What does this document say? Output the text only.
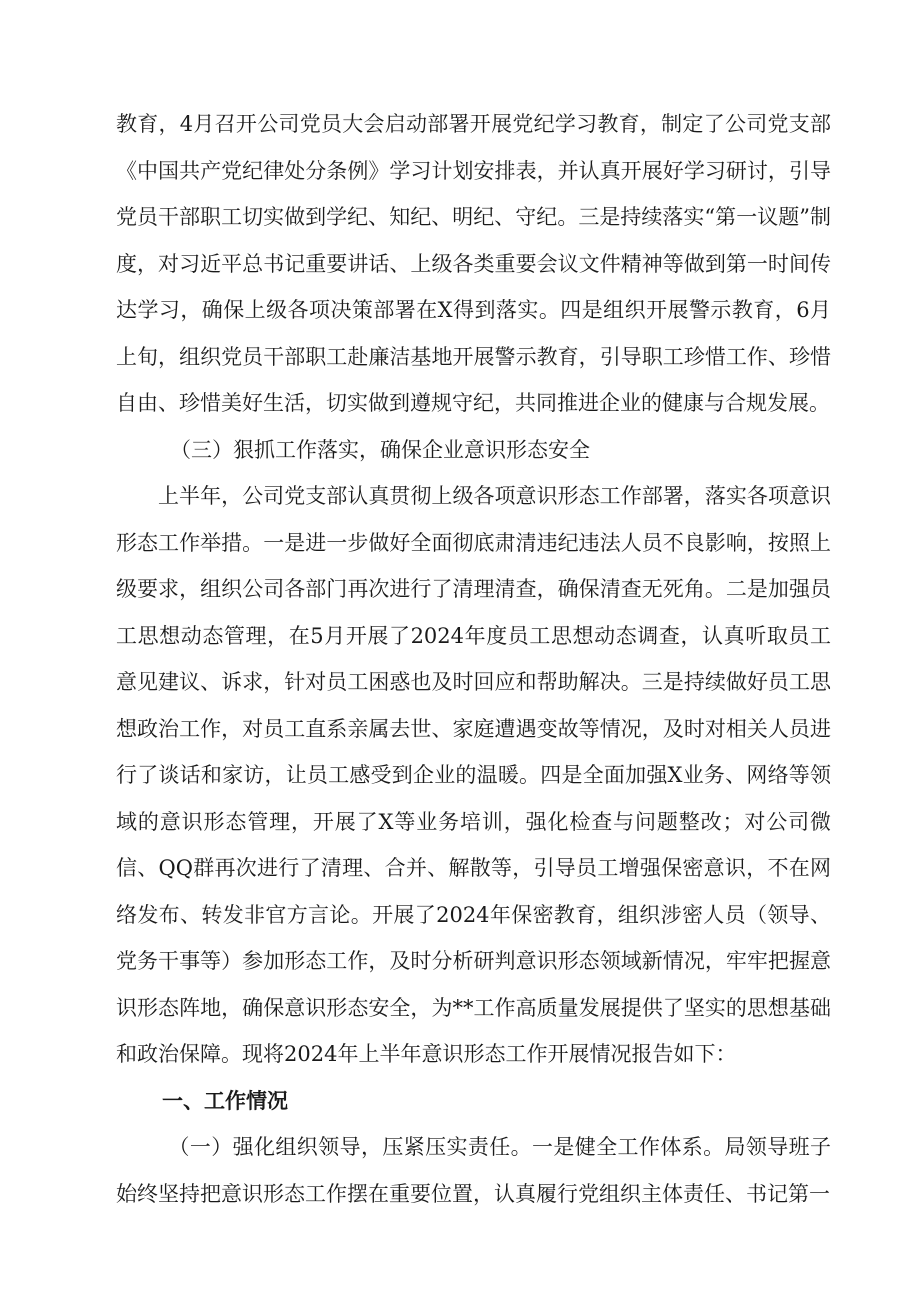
教育，4月召开公司党员大会启动部署开展党纪学习教育，制定了公司党支部《中国共产党纪律处分条例》学习计划安排表，并认真开展好学习研讨，引导党员干部职工切实做到学纪、知纪、明纪、守纪。三是持续落实“第一议题”制度，对习近平总书记重要讲话、上级各类重要会议文件精神等做到第一时间传达学习，确保上级各项决策部署在X得到落实。四是组织开展警示教育，6月上旬，组织党员干部职工赴廉洁基地开展警示教育，引导职工珍惜工作、珍惜自由、珍惜美好生活，切实做到遵规守纪，共同推进企业的健康与合规发展。

（三）狠抓工作落实，确保企业意识形态安全

上半年，公司党支部认真贯彻上级各项意识形态工作部署，落实各项意识形态工作举措。一是进一步做好全面彻底肃清违纪违法人员不良影响，按照上级要求，组织公司各部门再次进行了清理清查，确保清查无死角。二是加强员工思想动态管理，在5月开展了2024年度员工思想动态调查，认真听取员工意见建议、诉求，针对员工困惑也及时回应和帮助解决。三是持续做好员工思想政治工作，对员工直系亲属去世、家庭遭遇变故等情况，及时对相关人员进行了谈话和家访，让员工感受到企业的温暖。四是全面加强X业务、网络等领域的意识形态管理，开展了X等业务培训，强化检查与问题整改；对公司微信、QQ群再次进行了清理、合并、解散等，引导员工增强保密意识，不在网络发布、转发非官方言论。开展了2024年保密教育，组织涉密人员（领导、党务干事等）参加形态工作，及时分析研判意识形态领域新情况，牢牢把握意识形态阵地，确保意识形态安全，为**工作高质量发展提供了坚实的思想基础和政治保障。现将2024年上半年意识形态工作开展情况报告如下：

一、工作情况

（一）强化组织领导，压紧压实责任。一是健全工作体系。局领导班子始终坚持把意识形态工作摆在重要位置，认真履行党组织主体责任、书记第一
